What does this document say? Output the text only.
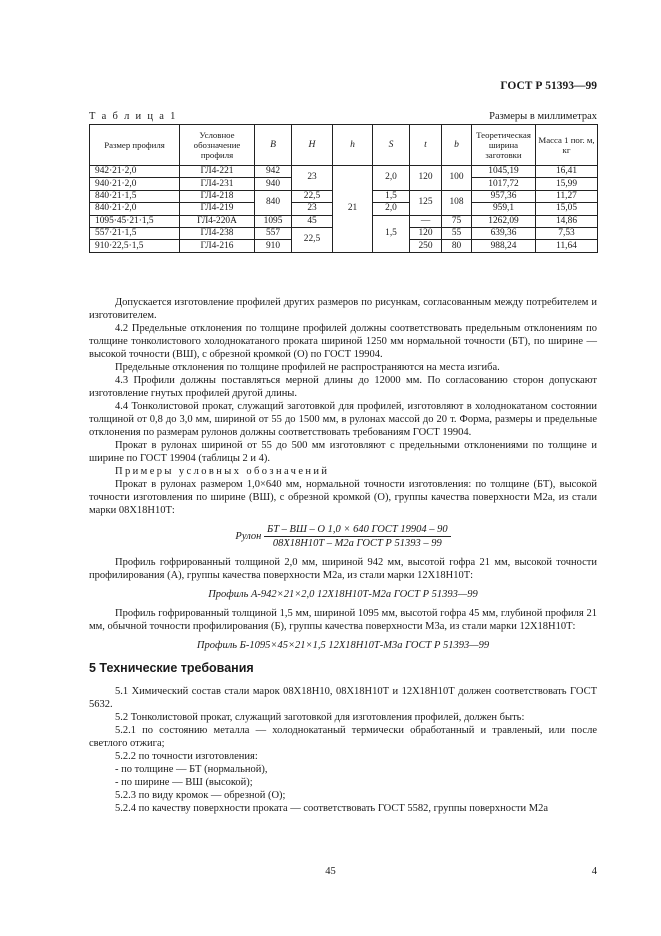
ГОСТ Р 51393—99
Т а б л и ц а 1	Размеры в миллиметрах
Размер профиля	Условное обозначение профиля	B	H	h	S	t	b	Теоретическая ширина заготовки	Масса 1 пог. м, кг
942·21·2,0	ГЛ4-221	942	23	21	2,0	120	100	1045,19	16,41
940·21·2,0	ГЛ4-231	940						1017,72	15,99
840·21·1,5	ГЛ4-218	840	22,5		1,5	125	108	957,36	11,27
840·21·2,0	ГЛ4-219		23		2,0			959,1	15,05
1095·45·21·1,5	ГЛ4-220А	1095	45		1,5	—	75	1262,09	14,86
557·21·1,5	ГЛ4-238	557	22,5			120	55	639,36	7,53
910·22,5·1,5	ГЛ4-216	910				250	80	988,24	11,64

Допускается изготовление профилей других размеров по рисункам, согласованным между потребителем и изготовителем.

4.2 Предельные отклонения по толщине профилей должны соответствовать предельным отклонениям по толщине тонколистового холоднокатаного проката шириной 1250 мм нормальной точности (БТ), по ширине — высокой точности (ВШ), с обрезной кромкой (О) по ГОСТ 19904.

Предельные отклонения по толщине профилей не распространяются на места изгиба.

4.3 Профили должны поставляться мерной длины до 12000 мм. По согласованию сторон допускают изготовление гнутых профилей другой длины.

4.4 Тонколистовой прокат, служащий заготовкой для профилей, изготовляют в холоднокатаном состоянии толщиной от 0,8 до 3,0 мм, шириной от 55 до 1500 мм, в рулонах массой до 20 т. Форма, размеры и предельные отклонения по размерам рулонов должны соответствовать требованиям ГОСТ 19904.

Прокат в рулонах шириной от 55 до 500 мм изготовляют с предельными отклонениями по толщине и ширине по ГОСТ 19904 (таблицы 2 и 4).

Примеры условных обозначений

Прокат в рулонах размером 1,0×640 мм, нормальной точности изготовления: по толщине (БТ), высокой точности изготовления по ширине (ВШ), с обрезной кромкой (О), группы качества поверхности М2а, из стали марки 08Х18Н10Т:

Рулон $\frac{\text{БТ – ВШ – О 1,0 × 640 ГОСТ 19904 – 90}}{\text{08Х18Н10Т – М2а ГОСТ Р 51393 – 99}}$

Профиль гофрированный толщиной 2,0 мм, шириной 942 мм, высотой гофра 21 мм, высокой точности профилирования (А), группы качества поверхности М2а, из стали марки 12Х18Н10Т:

Профиль А-942×21×2,0 12Х18Н10Т-М2а ГОСТ Р 51393—99

Профиль гофрированный толщиной 1,5 мм, шириной 1095 мм, высотой гофра 45 мм, глубиной профиля 21 мм, обычной точности профилирования (Б), группы качества поверхности М3а, из стали марки 12Х18Н10Т:

Профиль Б-1095×45×21×1,5 12Х18Н10Т-М3а ГОСТ Р 51393—99
5 Технические требования

5.1 Химический состав стали марок 08Х18Н10, 08Х18Н10Т и 12Х18Н10Т должен соответствовать ГОСТ 5632.

5.2 Тонколистовой прокат, служащий заготовкой для изготовления профилей, должен быть:

5.2.1 по состоянию металла — холоднокатаный термически обработанный и травленый, или после светлого отжига;

5.2.2 по точности изготовления:

- по толщине — БТ (нормальной),

- по ширине — ВШ (высокой);

5.2.3 по виду кромок — обрезной (О);

5.2.4 по качеству поверхности проката — соответствовать ГОСТ 5582, группы поверхности М2а

45	4
